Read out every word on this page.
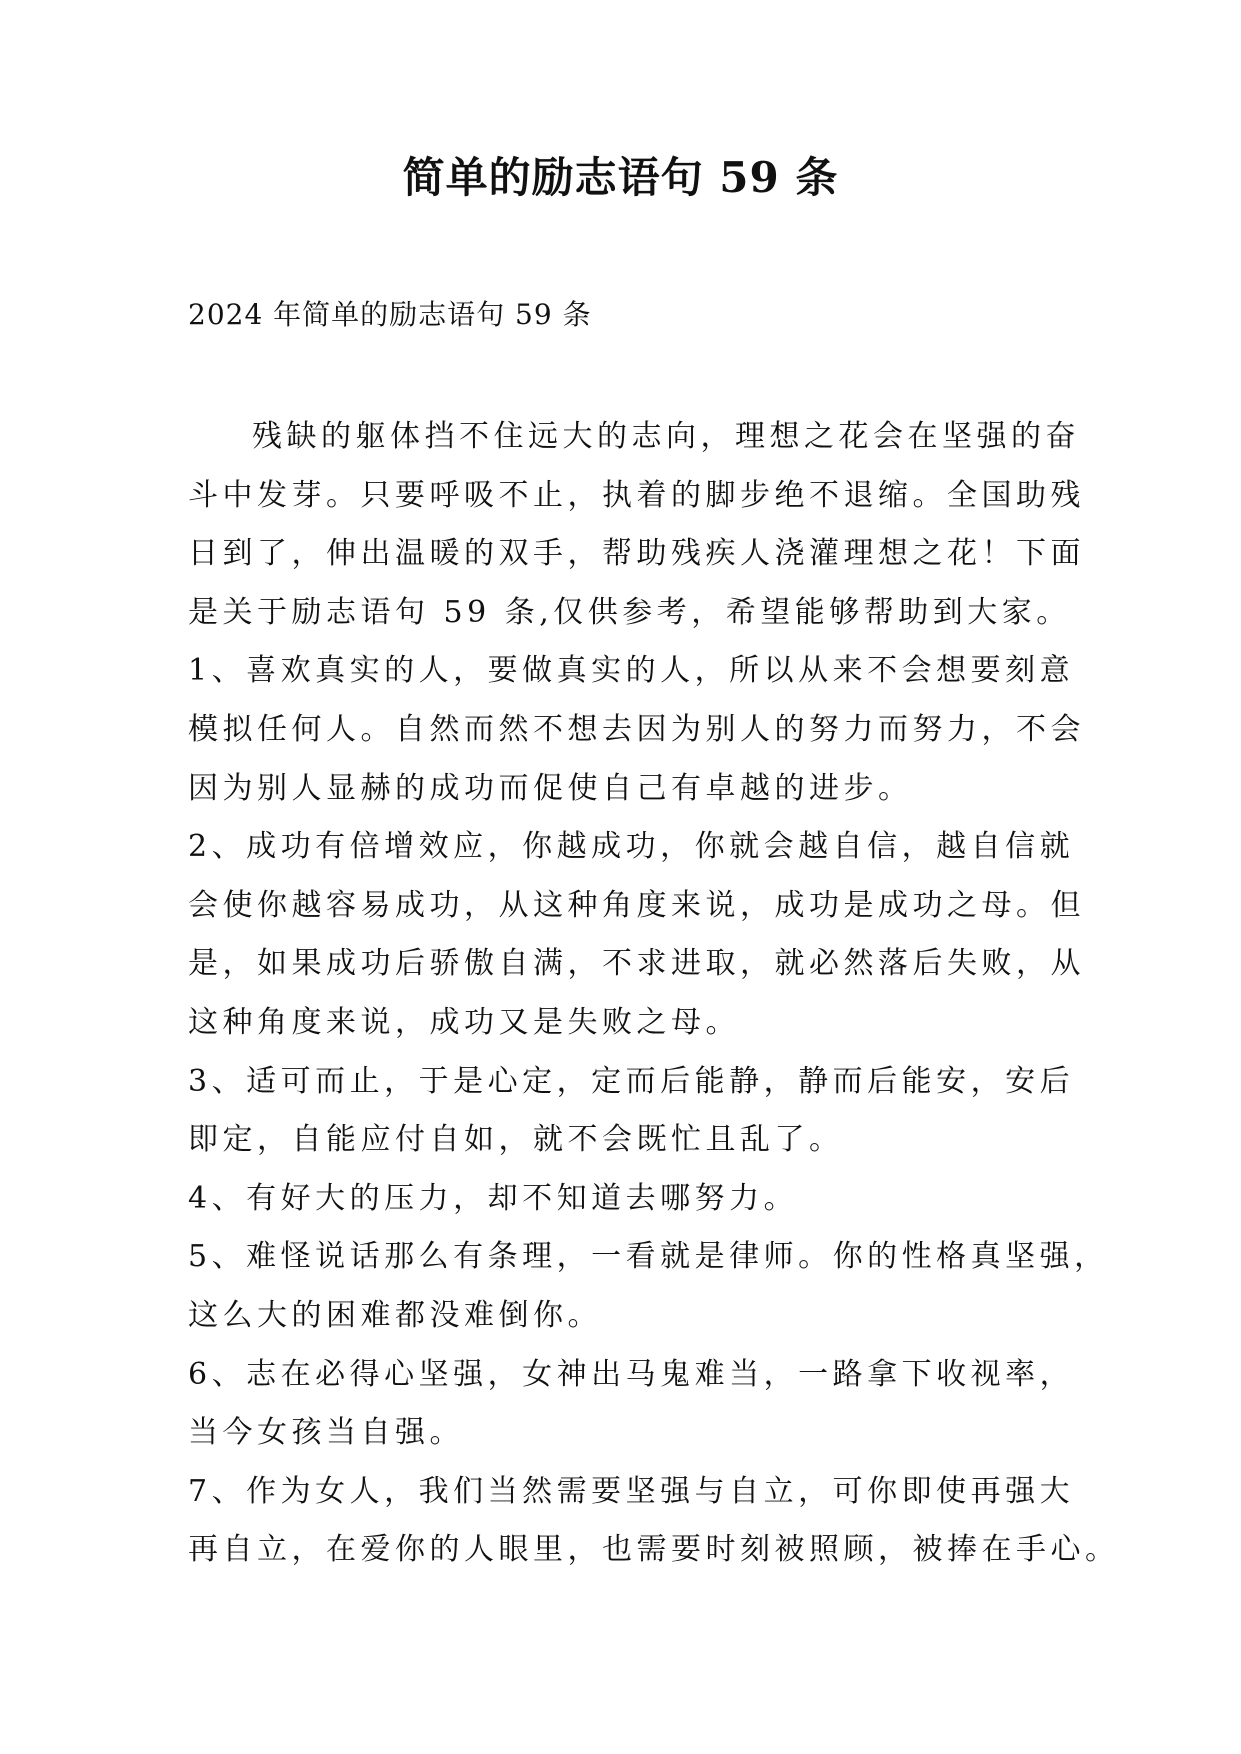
简单的励志语句 59 条
2024 年简单的励志语句 59 条
残缺的躯体挡不住远大的志向，理想之花会在坚强的奋
斗中发芽。只要呼吸不止，执着的脚步绝不退缩。全国助残
日到了，伸出温暖的双手，帮助残疾人浇灌理想之花！下面
是关于励志语句 59 条,仅供参考，希望能够帮助到大家。
1、喜欢真实的人，要做真实的人，所以从来不会想要刻意
模拟任何人。自然而然不想去因为别人的努力而努力，不会
因为别人显赫的成功而促使自己有卓越的进步。
2、成功有倍增效应，你越成功，你就会越自信，越自信就
会使你越容易成功，从这种角度来说，成功是成功之母。但
是，如果成功后骄傲自满，不求进取，就必然落后失败，从
这种角度来说，成功又是失败之母。
3、适可而止，于是心定，定而后能静，静而后能安，安后
即定，自能应付自如，就不会既忙且乱了。
4、有好大的压力，却不知道去哪努力。
5、难怪说话那么有条理，一看就是律师。你的性格真坚强，
这么大的困难都没难倒你。
6、志在必得心坚强，女神出马鬼难当，一路拿下收视率，
当今女孩当自强。
7、作为女人，我们当然需要坚强与自立，可你即使再强大
再自立，在爱你的人眼里，也需要时刻被照顾，被捧在手心。
